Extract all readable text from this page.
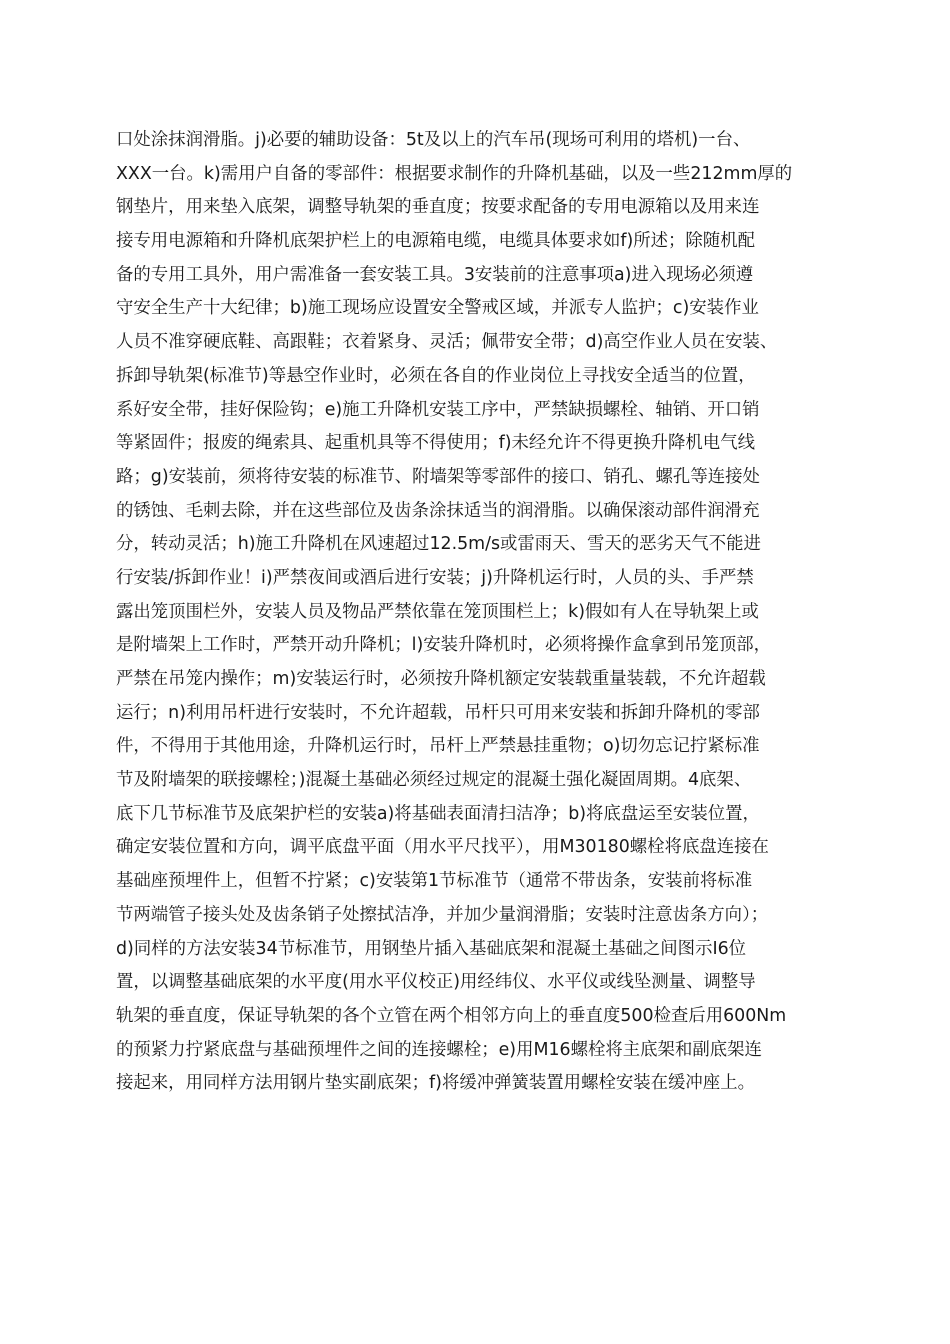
口处涂抹润滑脂。j)必要的辅助设备：5t及以上的汽车吊(现场可利用的塔机)一台、
XXX一台。k)需用户自备的零部件：根据要求制作的升降机基础，以及一些212mm厚的
钢垫片，用来垫入底架，调整导轨架的垂直度；按要求配备的专用电源箱以及用来连
接专用电源箱和升降机底架护栏上的电源箱电缆，电缆具体要求如f)所述；除随机配
备的专用工具外，用户需准备一套安装工具。3安装前的注意事项a)进入现场必须遵
守安全生产十大纪律；b)施工现场应设置安全警戒区域，并派专人监护；c)安装作业
人员不准穿硬底鞋、高跟鞋；衣着紧身、灵活；佩带安全带；d)高空作业人员在安装、
拆卸导轨架(标准节)等悬空作业时，必须在各自的作业岗位上寻找安全适当的位置，
系好安全带，挂好保险钩；e)施工升降机安装工序中，严禁缺损螺栓、轴销、开口销
等紧固件；报废的绳索具、起重机具等不得使用；f)未经允许不得更换升降机电气线
路；g)安装前，须将待安装的标准节、附墙架等零部件的接口、销孔、螺孔等连接处
的锈蚀、毛刺去除，并在这些部位及齿条涂抹适当的润滑脂。以确保滚动部件润滑充
分，转动灵活；h)施工升降机在风速超过12.5m/s或雷雨天、雪天的恶劣天气不能进
行安装/拆卸作业！i)严禁夜间或酒后进行安装；j)升降机运行时，人员的头、手严禁
露出笼顶围栏外，安装人员及物品严禁依靠在笼顶围栏上；k)假如有人在导轨架上或
是附墙架上工作时，严禁开动升降机；l)安装升降机时，必须将操作盒拿到吊笼顶部，
严禁在吊笼内操作；m)安装运行时，必须按升降机额定安装载重量装载，不允许超载
运行；n)利用吊杆进行安装时，不允许超载，吊杆只可用来安装和拆卸升降机的零部
件，不得用于其他用途，升降机运行时，吊杆上严禁悬挂重物；o)切勿忘记拧紧标准
节及附墙架的联接螺栓；)混凝土基础必须经过规定的混凝土强化凝固周期。4底架、
底下几节标准节及底架护栏的安装a)将基础表面清扫洁净；b)将底盘运至安装位置，
确定安装位置和方向，调平底盘平面（用水平尺找平），用M30180螺栓将底盘连接在
基础座预埋件上，但暂不拧紧；c)安装第1节标准节（通常不带齿条，安装前将标准
节两端管子接头处及齿条销子处擦拭洁净，并加少量润滑脂；安装时注意齿条方向）；
d)同样的方法安装34节标准节，用钢垫片插入基础底架和混凝土基础之间图示I6位
置，以调整基础底架的水平度(用水平仪校正)用经纬仪、水平仪或线坠测量、调整导
轨架的垂直度，保证导轨架的各个立管在两个相邻方向上的垂直度500检查后用600Nm
的预紧力拧紧底盘与基础预埋件之间的连接螺栓；e)用M16螺栓将主底架和副底架连
接起来，用同样方法用钢片垫实副底架；f)将缓冲弹簧装置用螺栓安装在缓冲座上。
